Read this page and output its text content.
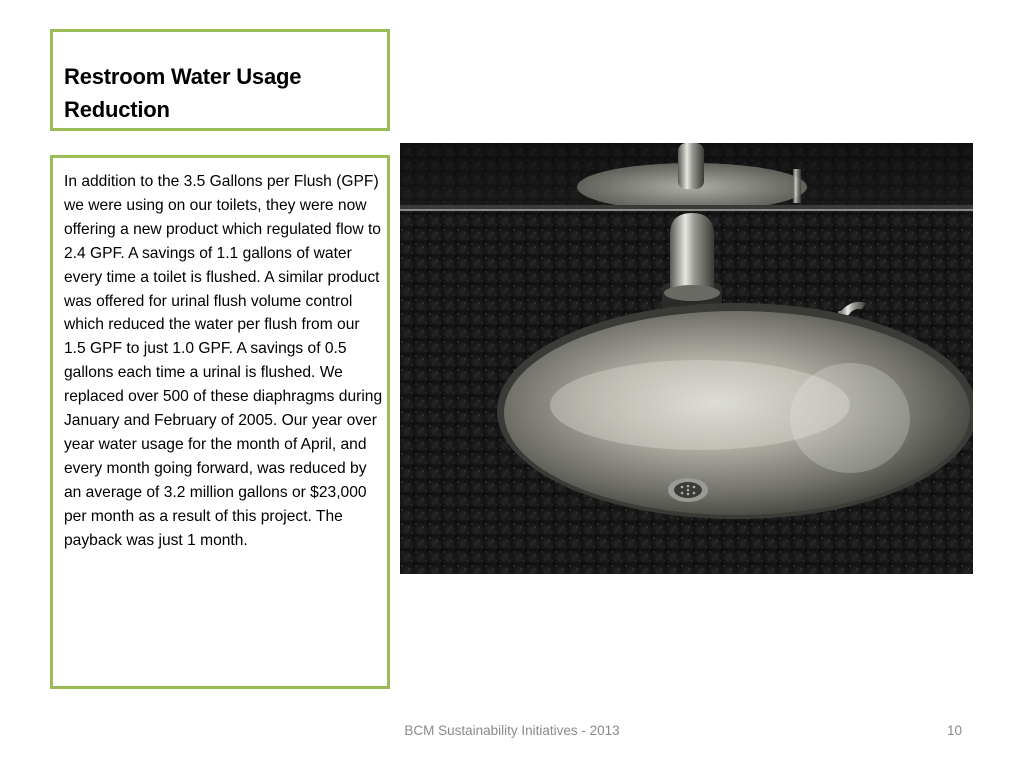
Restroom Water Usage Reduction
In addition to the 3.5 Gallons per Flush (GPF) we were using on our toilets, they were now offering a new product which regulated flow to 2.4 GPF. A savings of 1.1 gallons of water every time a toilet is flushed. A similar product was offered for urinal flush volume control which reduced the water per flush from our 1.5 GPF to just 1.0 GPF. A savings of 0.5 gallons each time a urinal is flushed. We replaced over 500 of these diaphragms during January and February of 2005. Our year over year water usage for the month of April, and every month going forward, was reduced by an average of 3.2 million gallons or $23,000 per month as a result of this project. The payback was just 1 month.
BCM Sustainability Initiatives - 2013	10
